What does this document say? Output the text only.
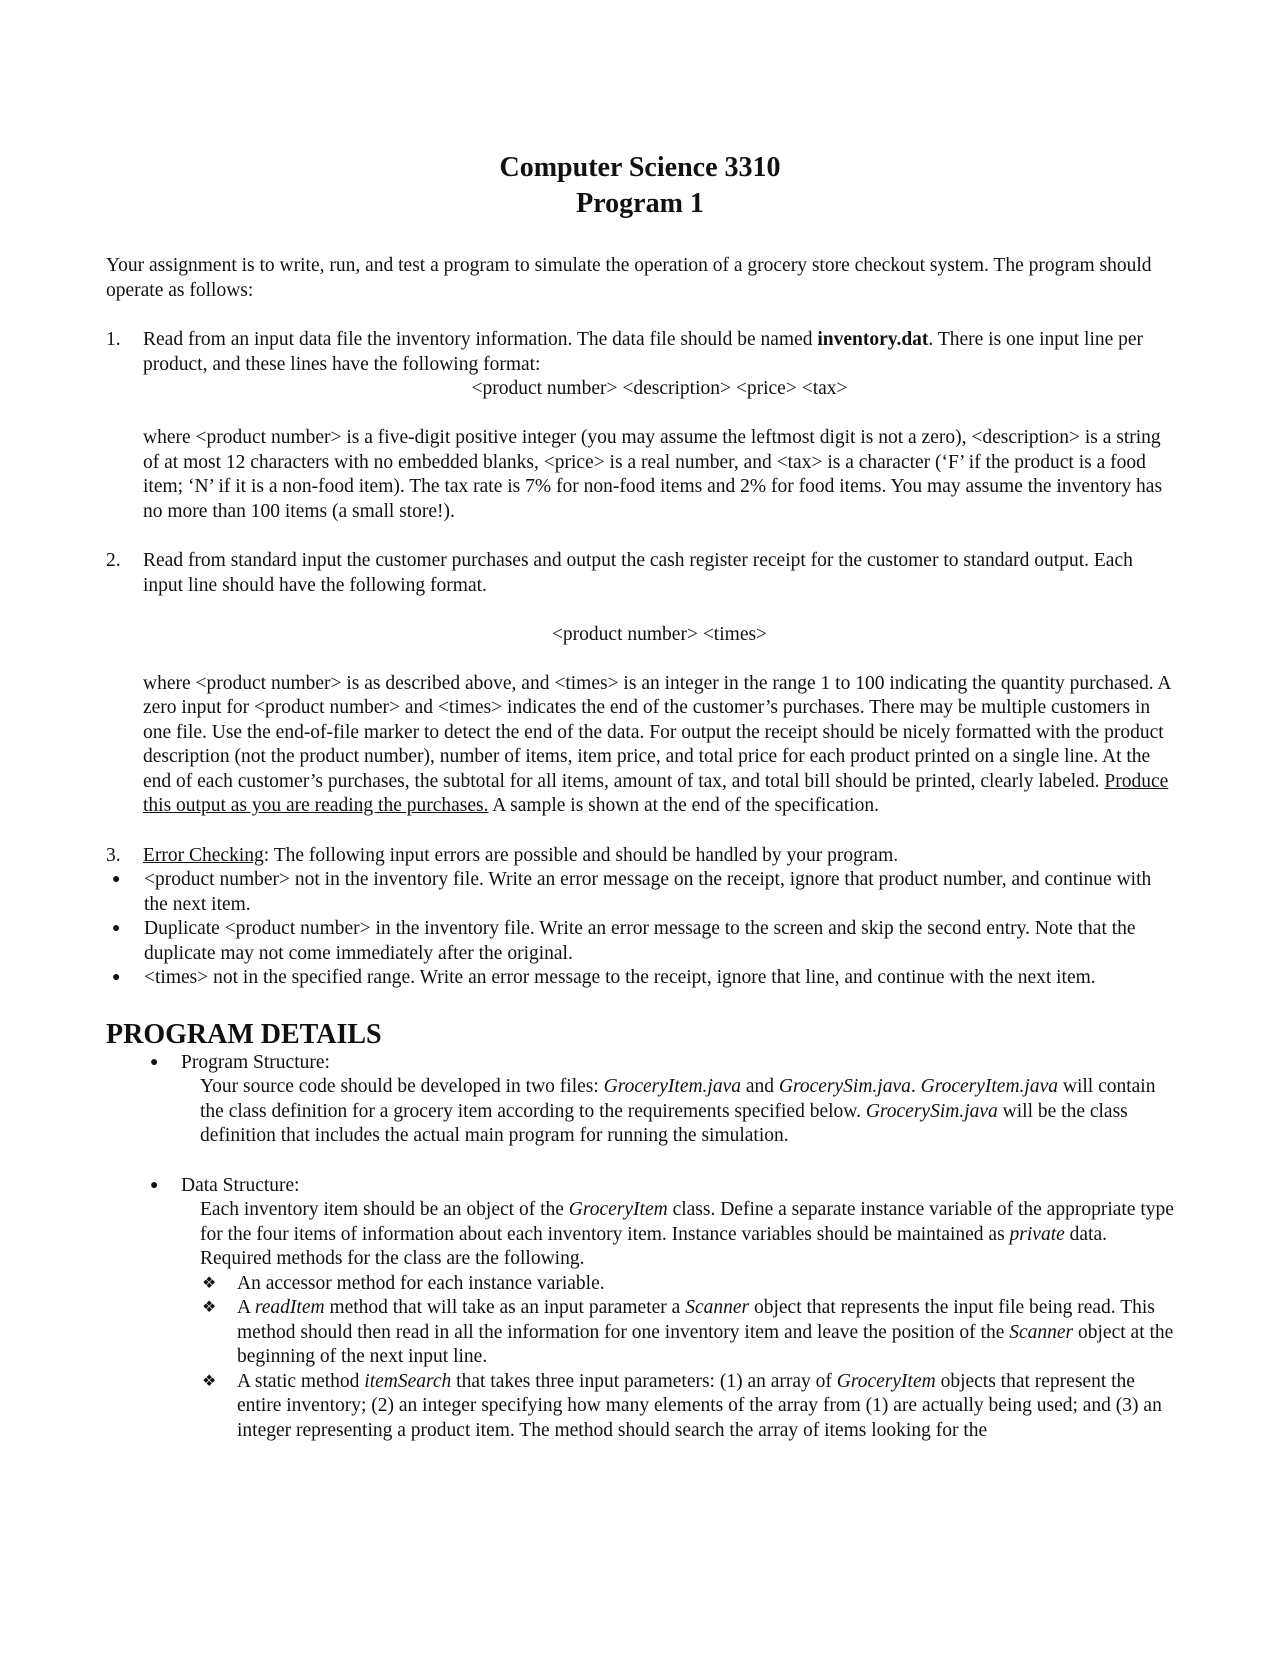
Computer Science 3310
Program 1

Your assignment is to write, run, and test a program to simulate the operation of a grocery store checkout system. The program should operate as follows:

1. Read from an input data file the inventory information. The data file should be named inventory.dat. There is one input line per product, and these lines have the following format:

<product number> <description> <price> <tax>

where <product number> is a five-digit positive integer (you may assume the leftmost digit is not a zero), <description> is a string of at most 12 characters with no embedded blanks, <price> is a real number, and <tax> is a character (‘F’ if the product is a food item; ‘N’ if it is a non-food item). The tax rate is 7% for non-food items and 2% for food items. You may assume the inventory has no more than 100 items (a small store!).

2. Read from standard input the customer purchases and output the cash register receipt for the customer to standard output. Each input line should have the following format.

<product number> <times>

where <product number> is as described above, and <times> is an integer in the range 1 to 100 indicating the quantity purchased. A zero input for <product number> and <times> indicates the end of the customer’s purchases. There may be multiple customers in one file. Use the end-of-file marker to detect the end of the data. For output the receipt should be nicely formatted with the product description (not the product number), number of items, item price, and total price for each product printed on a single line. At the end of each customer’s purchases, the subtotal for all items, amount of tax, and total bill should be printed, clearly labeled. Produce this output as you are reading the purchases. A sample is shown at the end of the specification.

3. Error Checking: The following input errors are possible and should be handled by your program.

● <product number> not in the inventory file. Write an error message on the receipt, ignore that product number, and continue with the next item.
● Duplicate <product number> in the inventory file. Write an error message to the screen and skip the second entry. Note that the duplicate may not come immediately after the original.
● <times> not in the specified range. Write an error message to the receipt, ignore that line, and continue with the next item.
PROGRAM DETAILS
● Program Structure:

Your source code should be developed in two files: GroceryItem.java and GrocerySim.java. GroceryItem.java will contain the class definition for a grocery item according to the requirements specified below. GrocerySim.java will be the class definition that includes the actual main program for running the simulation.

● Data Structure:

Each inventory item should be an object of the GroceryItem class. Define a separate instance variable of the appropriate type for the four items of information about each inventory item. Instance variables should be maintained as private data. Required methods for the class are the following.

❖ An accessor method for each instance variable.
❖ A readItem method that will take as an input parameter a Scanner object that represents the input file being read. This method should then read in all the information for one inventory item and leave the position of the Scanner object at the beginning of the next input line.
❖ A static method itemSearch that takes three input parameters: (1) an array of GroceryItem objects that represent the entire inventory; (2) an integer specifying how many elements of the array from (1) are actually being used; and (3) an integer representing a product item. The method should search the array of items looking for the
